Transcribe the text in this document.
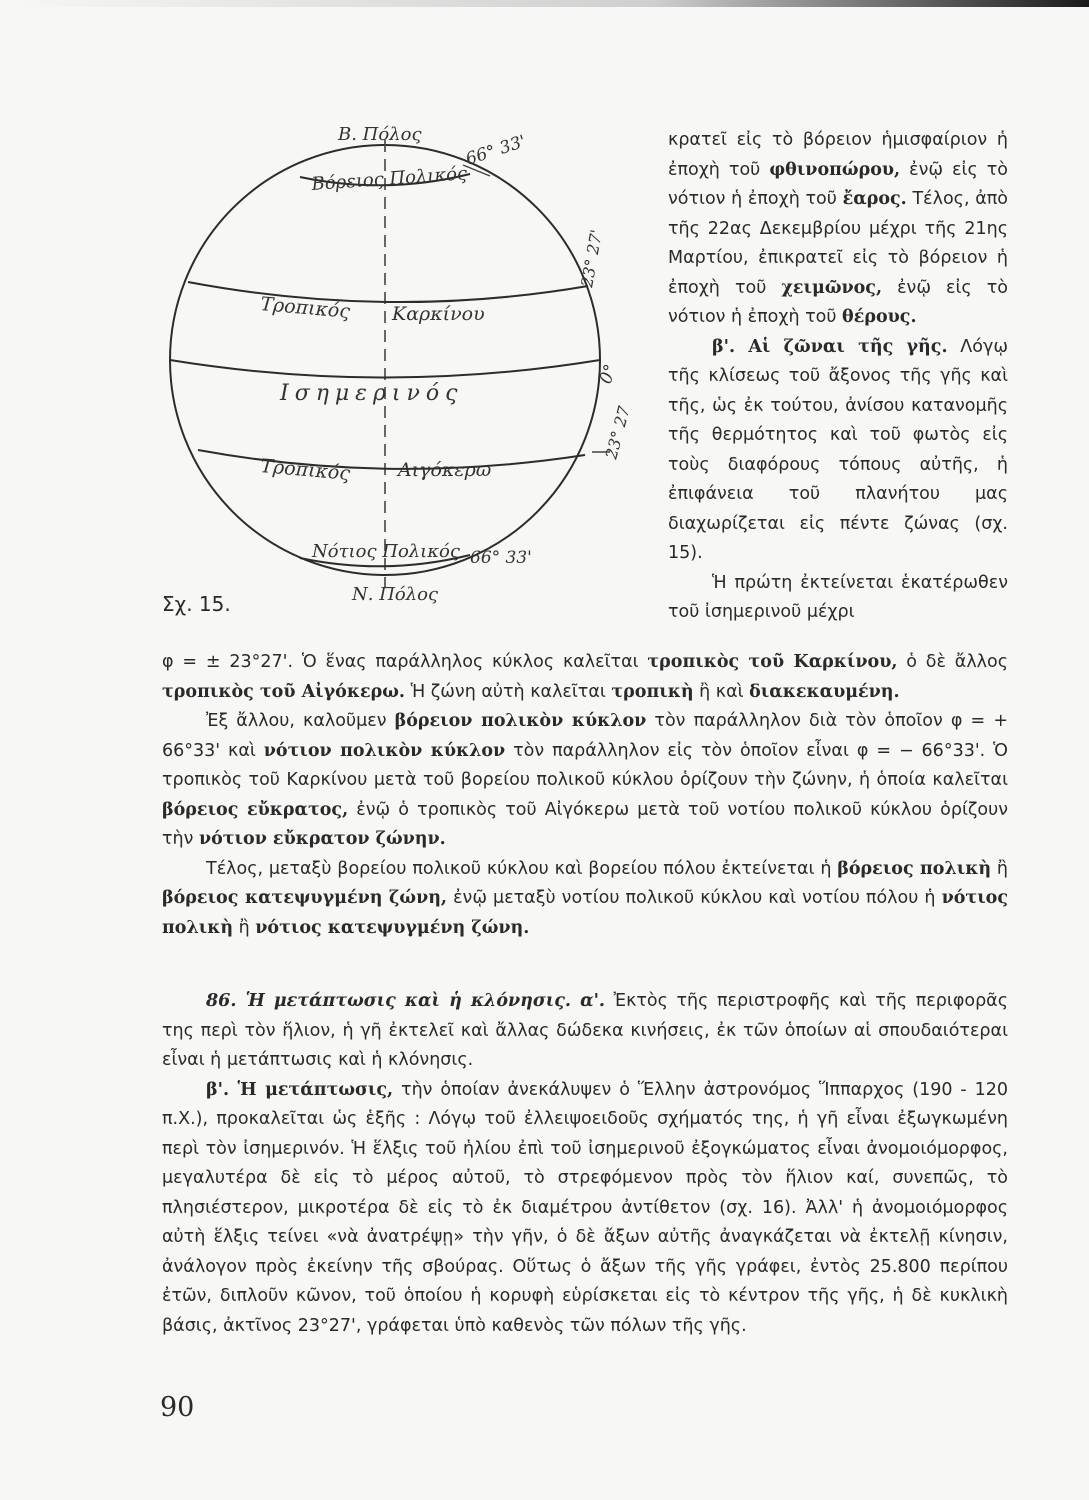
Β. Πόλος
Βόρειος Πολικός
66° 33'
Τροπικός Καρκίνου
23° 27'
Ισημερινός
0°
Τροπικός Αιγόκερω
23° 27
Νότιος Πολικός 66° 33'
Ν. Πόλος
Σχ. 15.

κρατεῖ εἰς τὸ βόρειον ἡμισφαίριον ἡ ἐποχὴ τοῦ φθινοπώρου, ἐνῷ εἰς τὸ νότιον ἡ ἐποχὴ τοῦ ἔαρος. Τέλος, ἀπὸ τῆς 22ας Δεκεμβρίου μέχρι τῆς 21ης Μαρτίου, ἐπικρατεῖ εἰς τὸ βόρειον ἡ ἐποχὴ τοῦ χειμῶνος, ἐνῷ εἰς τὸ νότιον ἡ ἐποχὴ τοῦ θέρους.

β'. Αἱ ζῶναι τῆς γῆς. Λόγῳ τῆς κλίσεως τοῦ ἄξονος τῆς γῆς καὶ τῆς, ὡς ἐκ τούτου, ἀνίσου κατανομῆς τῆς θερμότητος καὶ τοῦ φωτὸς εἰς τοὺς διαφόρους τόπους αὐτῆς, ἡ ἐπιφάνεια τοῦ πλανήτου μας διαχωρίζεται εἰς πέντε ζώνας (σχ. 15).

Ἡ πρώτη ἐκτείνεται ἑκατέρωθεν τοῦ ἰσημερινοῦ μέχρι

φ = ± 23°27'. Ὁ ἕνας παράλληλος κύκλος καλεῖται τροπικὸς τοῦ Καρκίνου, ὁ δὲ ἄλλος τροπικὸς τοῦ Αἰγόκερω. Ἡ ζώνη αὐτὴ καλεῖται τροπικὴ ἢ καὶ διακεκαυμένη.

Ἐξ ἄλλου, καλοῦμεν βόρειον πολικὸν κύκλον τὸν παράλληλον διὰ τὸν ὁποῖον φ = + 66°33' καὶ νότιον πολικὸν κύκλον τὸν παράλληλον εἰς τὸν ὁποῖον εἶναι φ = − 66°33'. Ὁ τροπικὸς τοῦ Καρκίνου μετὰ τοῦ βορείου πολικοῦ κύκλου ὁρίζουν τὴν ζώνην, ἡ ὁποία καλεῖται βόρειος εὔκρατος, ἐνῷ ὁ τροπικὸς τοῦ Αἰγόκερω μετὰ τοῦ νοτίου πολικοῦ κύκλου ὁρίζουν τὴν νότιον εὔκρατον ζώνην.

Τέλος, μεταξὺ βορείου πολικοῦ κύκλου καὶ βορείου πόλου ἐκτείνεται ἡ βόρειος πολικὴ ἢ βόρειος κατεψυγμένη ζώνη, ἐνῷ μεταξὺ νοτίου πολικοῦ κύκλου καὶ νοτίου πόλου ἡ νότιος πολικὴ ἢ νότιος κατεψυγμένη ζώνη.

86. Ἡ μετάπτωσις καὶ ἡ κλόνησις. α'. Ἐκτὸς τῆς περιστροφῆς καὶ τῆς περιφορᾶς της περὶ τὸν ἥλιον, ἡ γῆ ἐκτελεῖ καὶ ἄλλας δώδεκα κινήσεις, ἐκ τῶν ὁποίων αἱ σπουδαιότεραι εἶναι ἡ μετάπτωσις καὶ ἡ κλόνησις.

β'. Ἡ μετάπτωσις, τὴν ὁποίαν ἀνεκάλυψεν ὁ Ἕλλην ἀστρονόμος Ἵππαρχος (190 - 120 π.Χ.), προκαλεῖται ὡς ἑξῆς : Λόγῳ τοῦ ἐλλειψοειδοῦς σχήματός της, ἡ γῆ εἶναι ἐξωγκωμένη περὶ τὸν ἰσημερινόν. Ἡ ἕλξις τοῦ ἡλίου ἐπὶ τοῦ ἰσημερινοῦ ἐξογκώματος εἶναι ἀνομοιόμορφος, μεγαλυτέρα δὲ εἰς τὸ μέρος αὐτοῦ, τὸ στρεφόμενον πρὸς τὸν ἥλιον καί, συνεπῶς, τὸ πλησιέστερον, μικροτέρα δὲ εἰς τὸ ἐκ διαμέτρου ἀντίθετον (σχ. 16). Ἀλλ' ἡ ἀνομοιόμορφος αὐτὴ ἕλξις τείνει «νὰ ἀνατρέψῃ» τὴν γῆν, ὁ δὲ ἄξων αὐτῆς ἀναγκάζεται νὰ ἐκτελῇ κίνησιν, ἀνάλογον πρὸς ἐκείνην τῆς σβούρας. Οὕτως ὁ ἄξων τῆς γῆς γράφει, ἐντὸς 25.800 περίπου ἐτῶν, διπλοῦν κῶνον, τοῦ ὁποίου ἡ κορυφὴ εὑρίσκεται εἰς τὸ κέντρον τῆς γῆς, ἡ δὲ κυκλικὴ βάσις, ἀκτῖνος 23°27', γράφεται ὑπὸ καθενὸς τῶν πόλων τῆς γῆς.

90
